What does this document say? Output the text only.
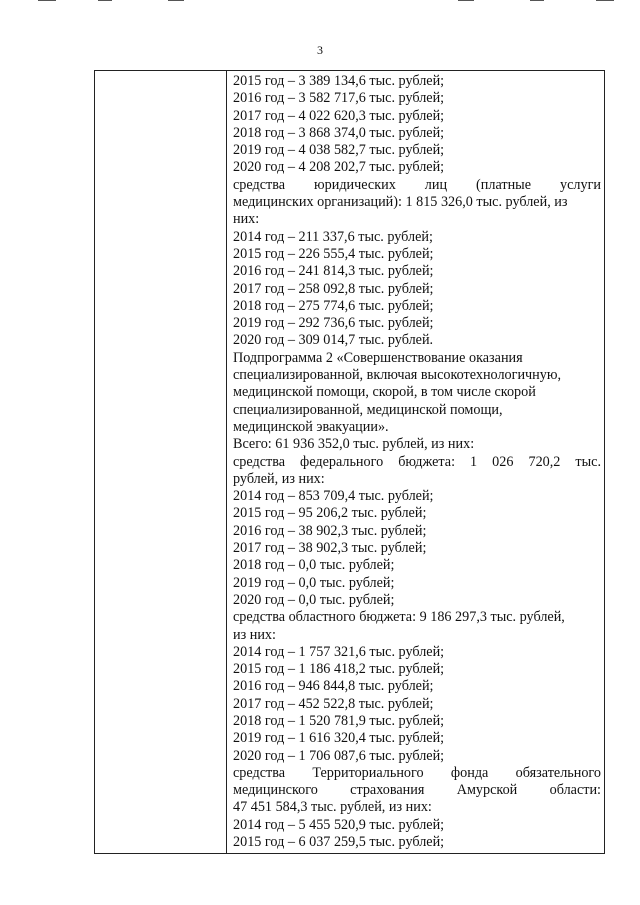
3
2015 год – 3 389 134,6 тыс. рублей;
2016 год – 3 582 717,6 тыс. рублей;
2017 год – 4 022 620,3 тыс. рублей;
2018 год – 3 868 374,0 тыс. рублей;
2019 год – 4 038 582,7 тыс. рублей;
2020 год – 4 208 202,7 тыс. рублей;
средства юридических лиц (платные услуги
медицинских организаций): 1 815 326,0 тыс. рублей, из
них:
2014 год – 211 337,6 тыс. рублей;
2015 год – 226 555,4 тыс. рублей;
2016 год – 241 814,3 тыс. рублей;
2017 год – 258 092,8 тыс. рублей;
2018 год – 275 774,6 тыс. рублей;
2019 год – 292 736,6 тыс. рублей;
2020 год – 309 014,7 тыс. рублей.
Подпрограмма 2 «Совершенствование оказания
специализированной, включая высокотехнологичную,
медицинской помощи, скорой, в том числе скорой
специализированной, медицинской помощи,
медицинской эвакуации».
Всего: 61 936 352,0 тыс. рублей, из них:
средства федерального бюджета: 1 026 720,2 тыс.
рублей, из них:
2014 год – 853 709,4 тыс. рублей;
2015 год – 95 206,2 тыс. рублей;
2016 год – 38 902,3 тыс. рублей;
2017 год – 38 902,3 тыс. рублей;
2018 год – 0,0 тыс. рублей;
2019 год – 0,0 тыс. рублей;
2020 год – 0,0 тыс. рублей;
средства областного бюджета: 9 186 297,3 тыс. рублей,
из них:
2014 год – 1 757 321,6 тыс. рублей;
2015 год – 1 186 418,2 тыс. рублей;
2016 год – 946 844,8 тыс. рублей;
2017 год – 452 522,8 тыс. рублей;
2018 год – 1 520 781,9 тыс. рублей;
2019 год – 1 616 320,4 тыс. рублей;
2020 год – 1 706 087,6 тыс. рублей;
средства Территориального фонда обязательного
медицинского страхования Амурской области:
47 451 584,3 тыс. рублей, из них:
2014 год – 5 455 520,9 тыс. рублей;
2015 год – 6 037 259,5 тыс. рублей;
